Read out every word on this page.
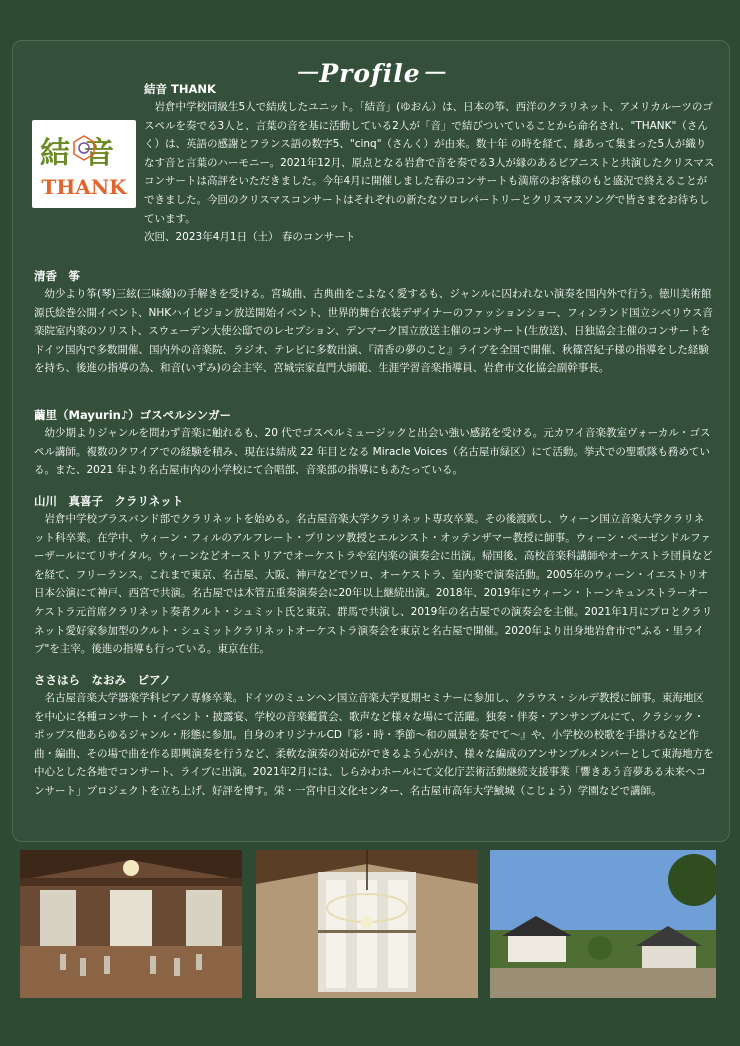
－Profile－
結音
THANK
結音 THANK

岩倉中学校同級生5人で結成したユニット。「結音」(ゆおん）は、日本の筝、西洋のクラリネット、アメリカルーツのゴスペルを奏でる3人と、言葉の音を基に活動している2人が「音」で結びついていることから命名され、"THANK"（さんく）は、英語の感謝とフランス語の数字5、"cinq"（さんく）が由来。数十年 の時を経て、縁あって集まった5人が織りなす音と言葉のハーモニー。2021年12月、原点となる岩倉で音を奏でる3人が縁のあるピアニストと共演したクリスマスコンサートは高評をいただきました。今年4月に開催しました春のコンサートも満席のお客様のもと盛況で終えることができました。今回のクリスマスコンサートはそれぞれの新たなソロレパートリーとクリスマスソングで皆さまをお待ちしています。

次回、2023年4月1日（土） 春のコンサート
清香　筝

幼少より筝(琴)三絃(三味線)の手解きを受ける。宮城曲、古典曲をこよなく愛するも、ジャンルに囚われない演奏を国内外で行う。徳川美術館源氏絵巻公開イベント、NHKハイビジョン放送開始イベント、世界的舞台衣装デザイナーのファッションショー、フィンランド国立シベリウス音楽院室内楽のソリスト、スウェーデン大使公邸でのレセプション、デンマーク国立放送主催のコンサート(生放送)、日独協会主催のコンサートをドイツ国内で多数開催、国内外の音楽院、ラジオ、テレビに多数出演、『清香の夢のこと』ライブを全国で開催、秋篠宮紀子様の指導をした経験を持ち、後進の指導の為、和音(いずみ)の会主宰、宮城宗家直門大師範、生涯学習音楽指導員、岩倉市文化協会副幹事長。

繭里（Mayurin♪）ゴスペルシンガー

幼少期よりジャンルを問わず音楽に触れるも、20 代でゴスペルミュージックと出会い強い感銘を受ける。元カワイ音楽教室ヴォーカル・ゴスペル講師。複数のクワイアでの経験を積み、現在は結成 22 年目となる Miracle Voices（名古屋市緑区）にて活動。挙式での聖歌隊も務めている。また、2021 年より名古屋市内の小学校にて合唱部、音楽部の指導にもあたっている。

山川　真喜子　クラリネット

岩倉中学校ブラスバンド部でクラリネットを始める。名古屋音楽大学クラリネット専攻卒業。その後渡欧し、ウィーン国立音楽大学クラリネット科卒業。在学中、ウィーン・フィルのアルフレート・プリンツ教授とエルンスト・オッテンザマー教授に師事。ウィーン・ベーゼンドルファーザールにてリサイタル。ウィーンなどオーストリアでオーケストラや室内楽の演奏会に出演。帰国後、高校音楽科講師やオーケストラ団員などを経て、フリーランス。これまで東京、名古屋、大阪、神戸などでソロ、オーケストラ、室内楽で演奏活動。2005年のウィーン・イエストリオ日本公演にて神戸、西宮で共演。名古屋では木管五重奏演奏会に20年以上継続出演。2018年、2019年にウィーン・トーンキュンストラーオーケストラ元首席クラリネット奏者クルト・シュミット氏と東京、群馬で共演し、2019年の名古屋での演奏会を主催。2021年1月にプロとクラリネット愛好家参加型のクルト・シュミットクラリネットオーケストラ演奏会を東京と名古屋で開催。2020年より出身地岩倉市で"ふる・里ライブ"を主宰。後進の指導も行っている。東京在住。

ささはら　なおみ　ピアノ

名古屋音楽大学器楽学科ピアノ専修卒業。ドイツのミュンヘン国立音楽大学夏期セミナーに参加し、クラウス・シルデ教授に師事。東海地区を中心に各種コンサート・イベント・披露宴、学校の音楽鑑賞会、歌声など様々な場にて活躍。独奏・伴奏・アンサンブルにて、クラシック・ポップス他あらゆるジャンル・形態に参加。自身のオリジナルCD『彩・時・季節～和の風景を奏でて～』や、小学校の校歌を手掛けるなど作曲・編曲、その場で曲を作る即興演奏を行うなど、柔軟な演奏の対応ができるよう心がけ、様々な編成のアンサンブルメンバーとして東海地方を中心とした各地でコンサート、ライブに出演。2021年2月には、しらかわホールにて文化庁芸術活動継続支援事業「響きあう音夢ある未来へコンサート」プロジェクトを立ち上げ、好評を博す。栄・一宮中日文化センター、名古屋市高年大学鯱城（こじょう）学園などで講師。
